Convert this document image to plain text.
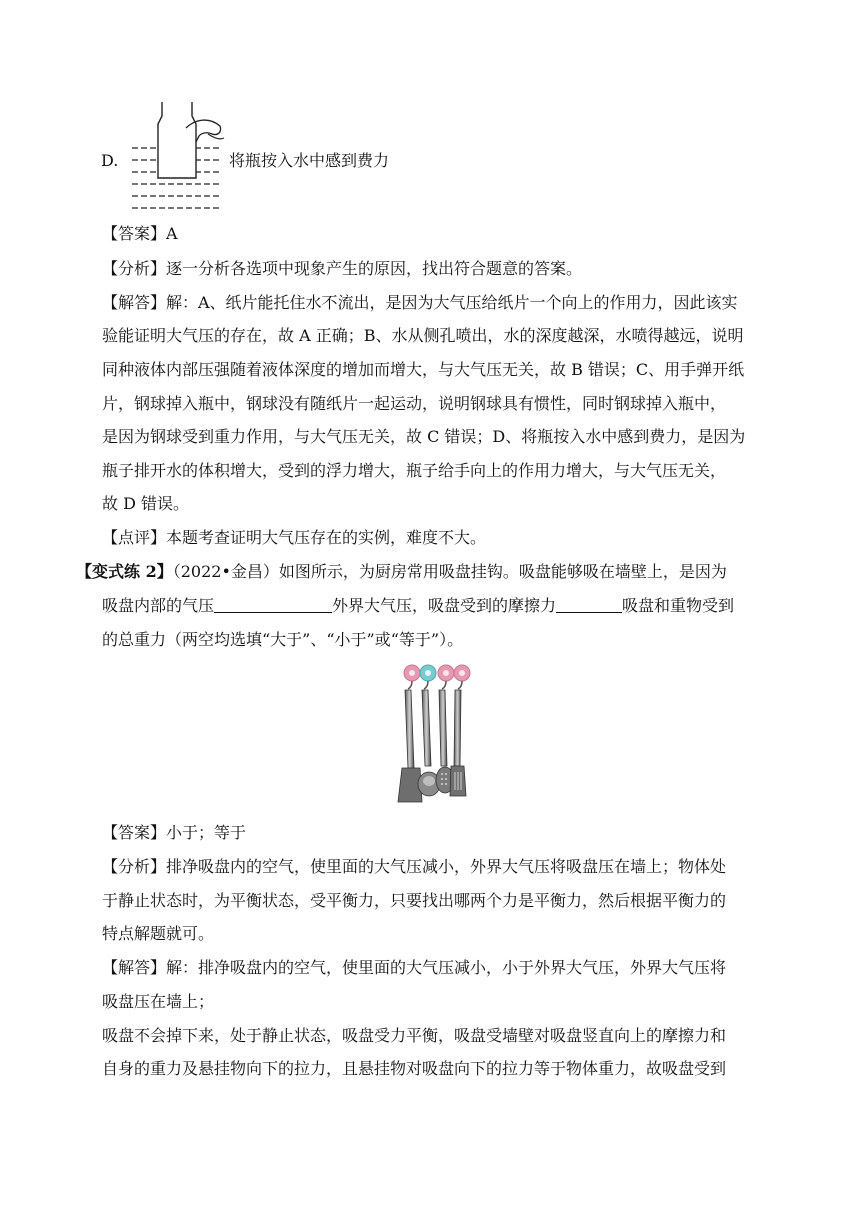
D.	将瓶按入水中感到费力
【答案】A
【分析】逐一分析各选项中现象产生的原因，找出符合题意的答案。
【解答】解：A、纸片能托住水不流出，是因为大气压给纸片一个向上的作用力，因此该实
验能证明大气压的存在，故 A 正确；B、水从侧孔喷出，水的深度越深，水喷得越远，说明
同种液体内部压强随着液体深度的增加而增大，与大气压无关，故 B 错误；C、用手弹开纸
片，钢球掉入瓶中，钢球没有随纸片一起运动，说明钢球具有惯性，同时钢球掉入瓶中，
是因为钢球受到重力作用，与大气压无关，故 C 错误；D、将瓶按入水中感到费力，是因为
瓶子排开水的体积增大，受到的浮力增大，瓶子给手向上的作用力增大，与大气压无关，
故 D 错误。
【点评】本题考查证明大气压存在的实例，难度不大。
【变式练 2】（2022•金昌）如图所示，为厨房常用吸盘挂钩。吸盘能够吸在墙壁上，是因为
吸盘内部的气压	外界大气压，吸盘受到的摩擦力	吸盘和重物受到
的总重力（两空均选填“大于”、“小于”或“等于”）。
【答案】小于；等于
【分析】排净吸盘内的空气，使里面的大气压减小，外界大气压将吸盘压在墙上；物体处
于静止状态时，为平衡状态，受平衡力，只要找出哪两个力是平衡力，然后根据平衡力的
特点解题就可。
【解答】解：排净吸盘内的空气，使里面的大气压减小，小于外界大气压，外界大气压将
吸盘压在墙上；
吸盘不会掉下来，处于静止状态，吸盘受力平衡，吸盘受墙壁对吸盘竖直向上的摩擦力和
自身的重力及悬挂物向下的拉力，且悬挂物对吸盘向下的拉力等于物体重力，故吸盘受到
